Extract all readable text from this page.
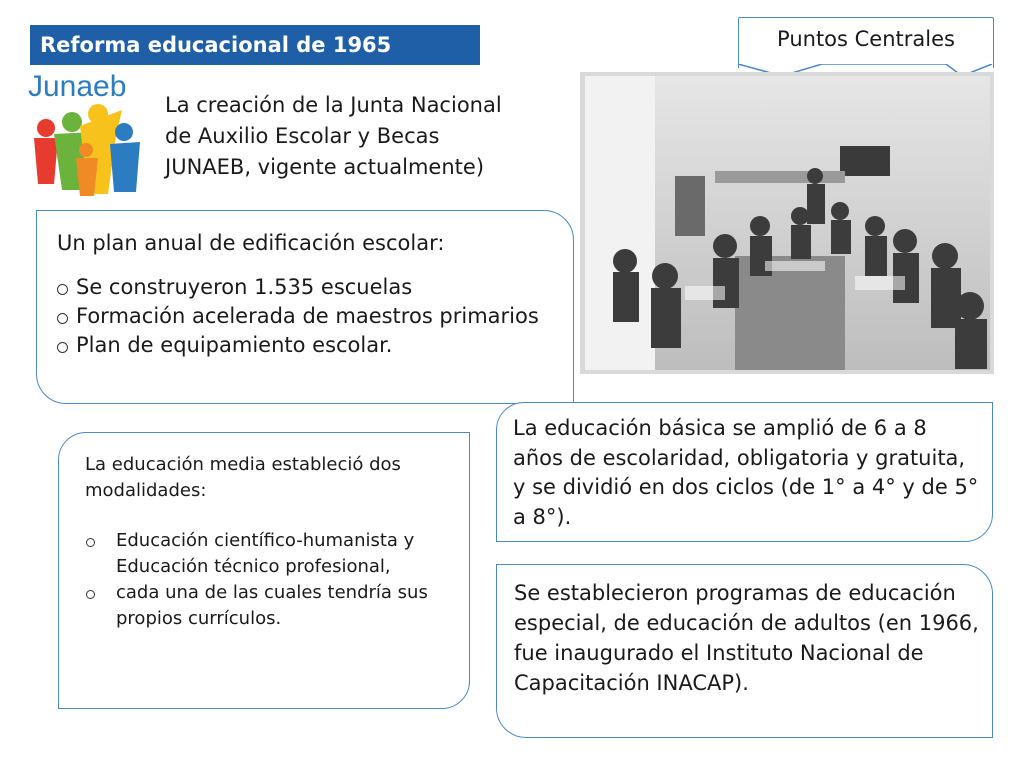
Reforma educacional de 1965	Puntos Centrales
Junaeb
La creación de la Junta Nacional
de Auxilio Escolar y Becas
JUNAEB, vigente actualmente)
Un plan anual de edificación escolar:
Se construyeron 1.535 escuelas
Formación acelerada de maestros primarios
Plan de equipamiento escolar.
La educación básica se amplió de 6 a 8 años de escolaridad, obligatoria y gratuita, y se dividió en dos ciclos (de 1° a 4° y de 5° a 8°).
La educación media estableció dos modalidades:
Educación científico-humanista y Educación técnico profesional,
cada una de las cuales tendría sus propios currículos.
Se establecieron programas de educación especial, de educación de adultos (en 1966, fue inaugurado el Instituto Nacional de Capacitación INACAP).
